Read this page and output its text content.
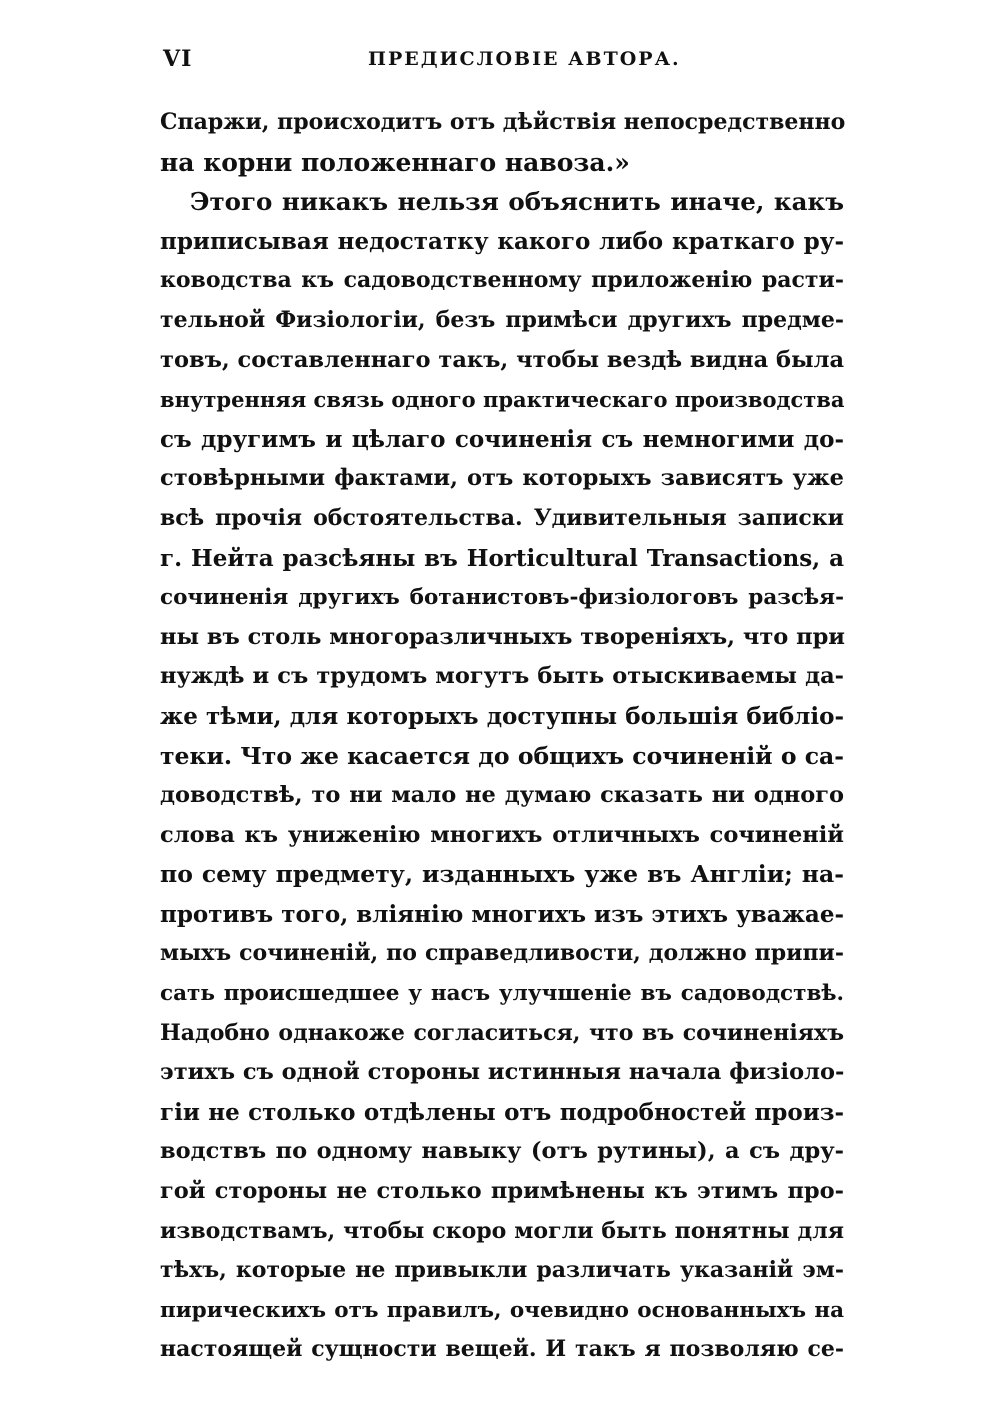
VI	ПРЕДИСЛОВІЕ АВТОРА.
Спаржи, происходитъ отъ дѣйствія непосредственно
на корни положеннаго навоза.»
Этого никакъ нельзя объяснить иначе, какъ
приписывая недостатку какого либо краткаго ру-
ководства къ садоводственному приложенію расти-
тельной Физіологіи, безъ примѣси другихъ предме-
товъ, составленнаго такъ, чтобы вездѣ видна была
внутренняя связь одного практическаго производства
съ другимъ и цѣлаго сочиненія съ немногими до-
стовѣрными фактами, отъ которыхъ зависятъ уже
всѣ прочія обстоятельства. Удивительныя записки
г. Нейта разсѣяны въ Horticultural Transactions, а
сочиненія другихъ ботанистовъ-физіологовъ разсѣя-
ны въ столь многоразличныхъ твореніяхъ, что при
нуждѣ и съ трудомъ могутъ быть отыскиваемы да-
же тѣми, для которыхъ доступны большія библіо-
теки. Что же касается до общихъ сочиненій о са-
доводствѣ, то ни мало не думаю сказать ни одного
слова къ униженію многихъ отличныхъ сочиненій
по сему предмету, изданныхъ уже въ Англіи; на-
противъ того, вліянію многихъ изъ этихъ уважае-
мыхъ сочиненій, по справедливости, должно припи-
сать происшедшее у насъ улучшеніе въ садоводствѣ.
Надобно однакожe согласиться, что въ сочиненіяхъ
этихъ съ одной стороны истинныя начала физіоло-
гіи не столько отдѣлены отъ подробностей произ-
водствъ по одному навыку (отъ рутины), а съ дру-
гой стороны не столько примѣнены къ этимъ про-
изводствамъ, чтобы скоро могли быть понятны для
тѣхъ, которые не привыкли различать указаній эм-
пирическихъ отъ правилъ, очевидно основанныхъ на
настоящей сущности вещей. И такъ я позволяю се-
